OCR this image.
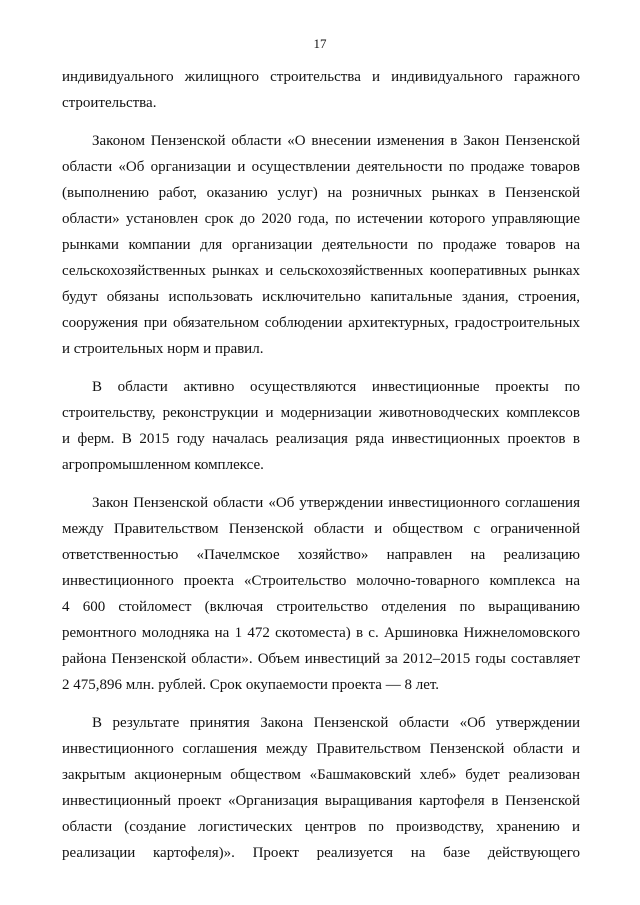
17
индивидуального жилищного строительства и индивидуального гаражного
строительства.
Законом Пензенской области «О внесении изменения в Закон Пензенской
области «Об организации и осуществлении деятельности по продаже товаров
(выполнению работ, оказанию услуг) на розничных рынках в Пензенской
области» установлен срок до 2020 года, по истечении которого управляющие
рынками компании для организации деятельности по продаже товаров на
сельскохозяйственных рынках и сельскохозяйственных кооперативных рынках
будут обязаны использовать исключительно капитальные здания, строения,
сооружения при обязательном соблюдении архитектурных, градостроительных
и строительных норм и правил.
В области активно осуществляются инвестиционные проекты по
строительству, реконструкции и модернизации животноводческих комплексов
и ферм. В 2015 году началась реализация ряда инвестиционных проектов в
агропромышленном комплексе.
Закон Пензенской области «Об утверждении инвестиционного соглашения
между Правительством Пензенской области и обществом с ограниченной
ответственностью «Пачелмское хозяйство» направлен на реализацию
инвестиционного проекта «Строительство молочно-товарного комплекса на
4 600 стойломест (включая строительство отделения по выращиванию
ремонтного молодняка на 1 472 скотоместа) в с. Аршиновка Нижнеломовского
района Пензенской области». Объем инвестиций за 2012–2015 годы составляет
2 475,896 млн. рублей. Срок окупаемости проекта — 8 лет.
В результате принятия Закона Пензенской области «Об утверждении
инвестиционного соглашения между Правительством Пензенской области и
закрытым акционерным обществом «Башмаковский хлеб» будет реализован
инвестиционный проект «Организация выращивания картофеля в Пензенской
области (создание логистических центров по производству, хранению и
реализации картофеля)». Проект реализуется на базе действующего
